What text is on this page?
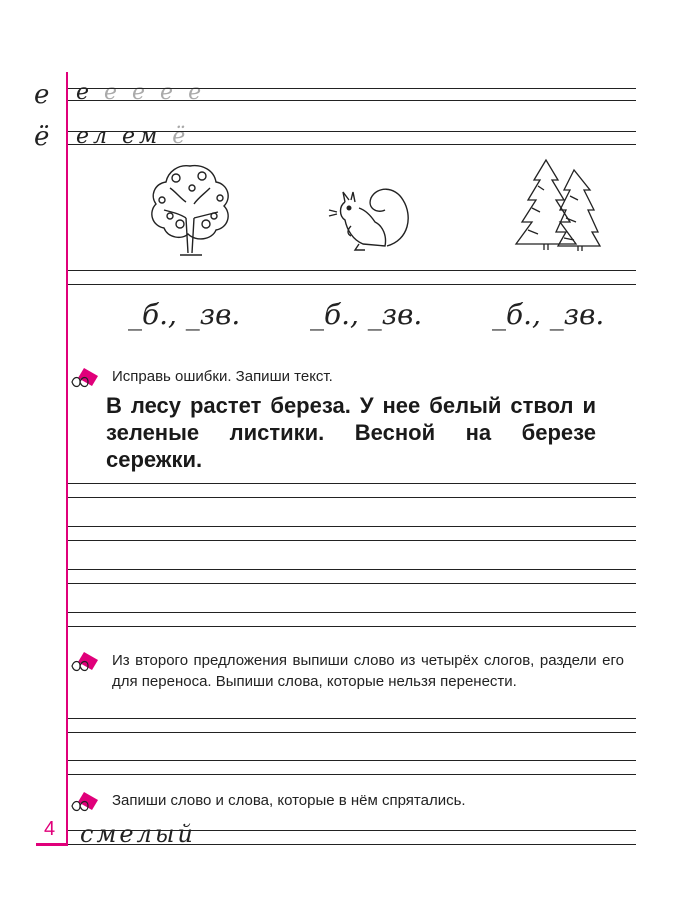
е е е е е е
ё ел ем ё
_б., _зв. _б., _зв. _б., _зв.
Исправь ошибки. Запиши текст.
В лесу растет береза. У нее белый ствол и зеленые листики. Весной на березе сережки.
Из второго предложения выпиши слово из четырёх слогов, раздели его для переноса. Выпиши слова, которые нельзя перенести.
Запиши слово и слова, которые в нём спрятались.
4 смелый
